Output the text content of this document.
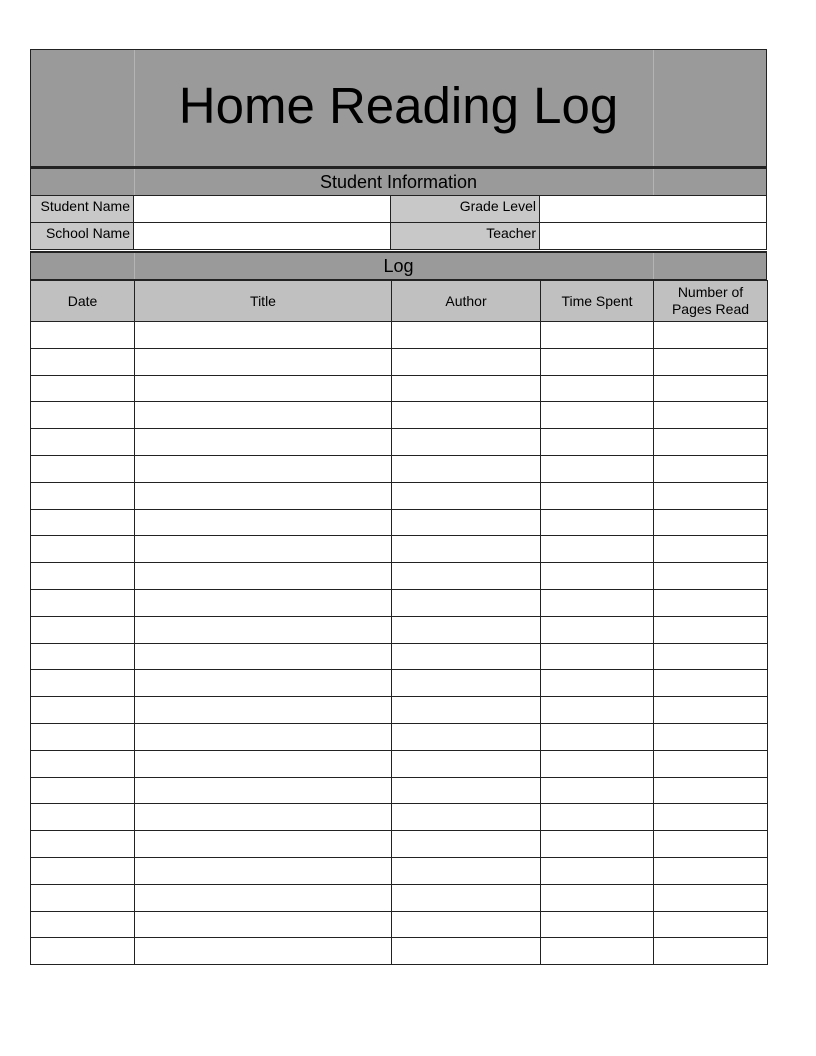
Home Reading Log
Student Information
Student Name	Grade Level
School Name	Teacher
Log
Date	Title	Author	Time Spent	Number of Pages Read
